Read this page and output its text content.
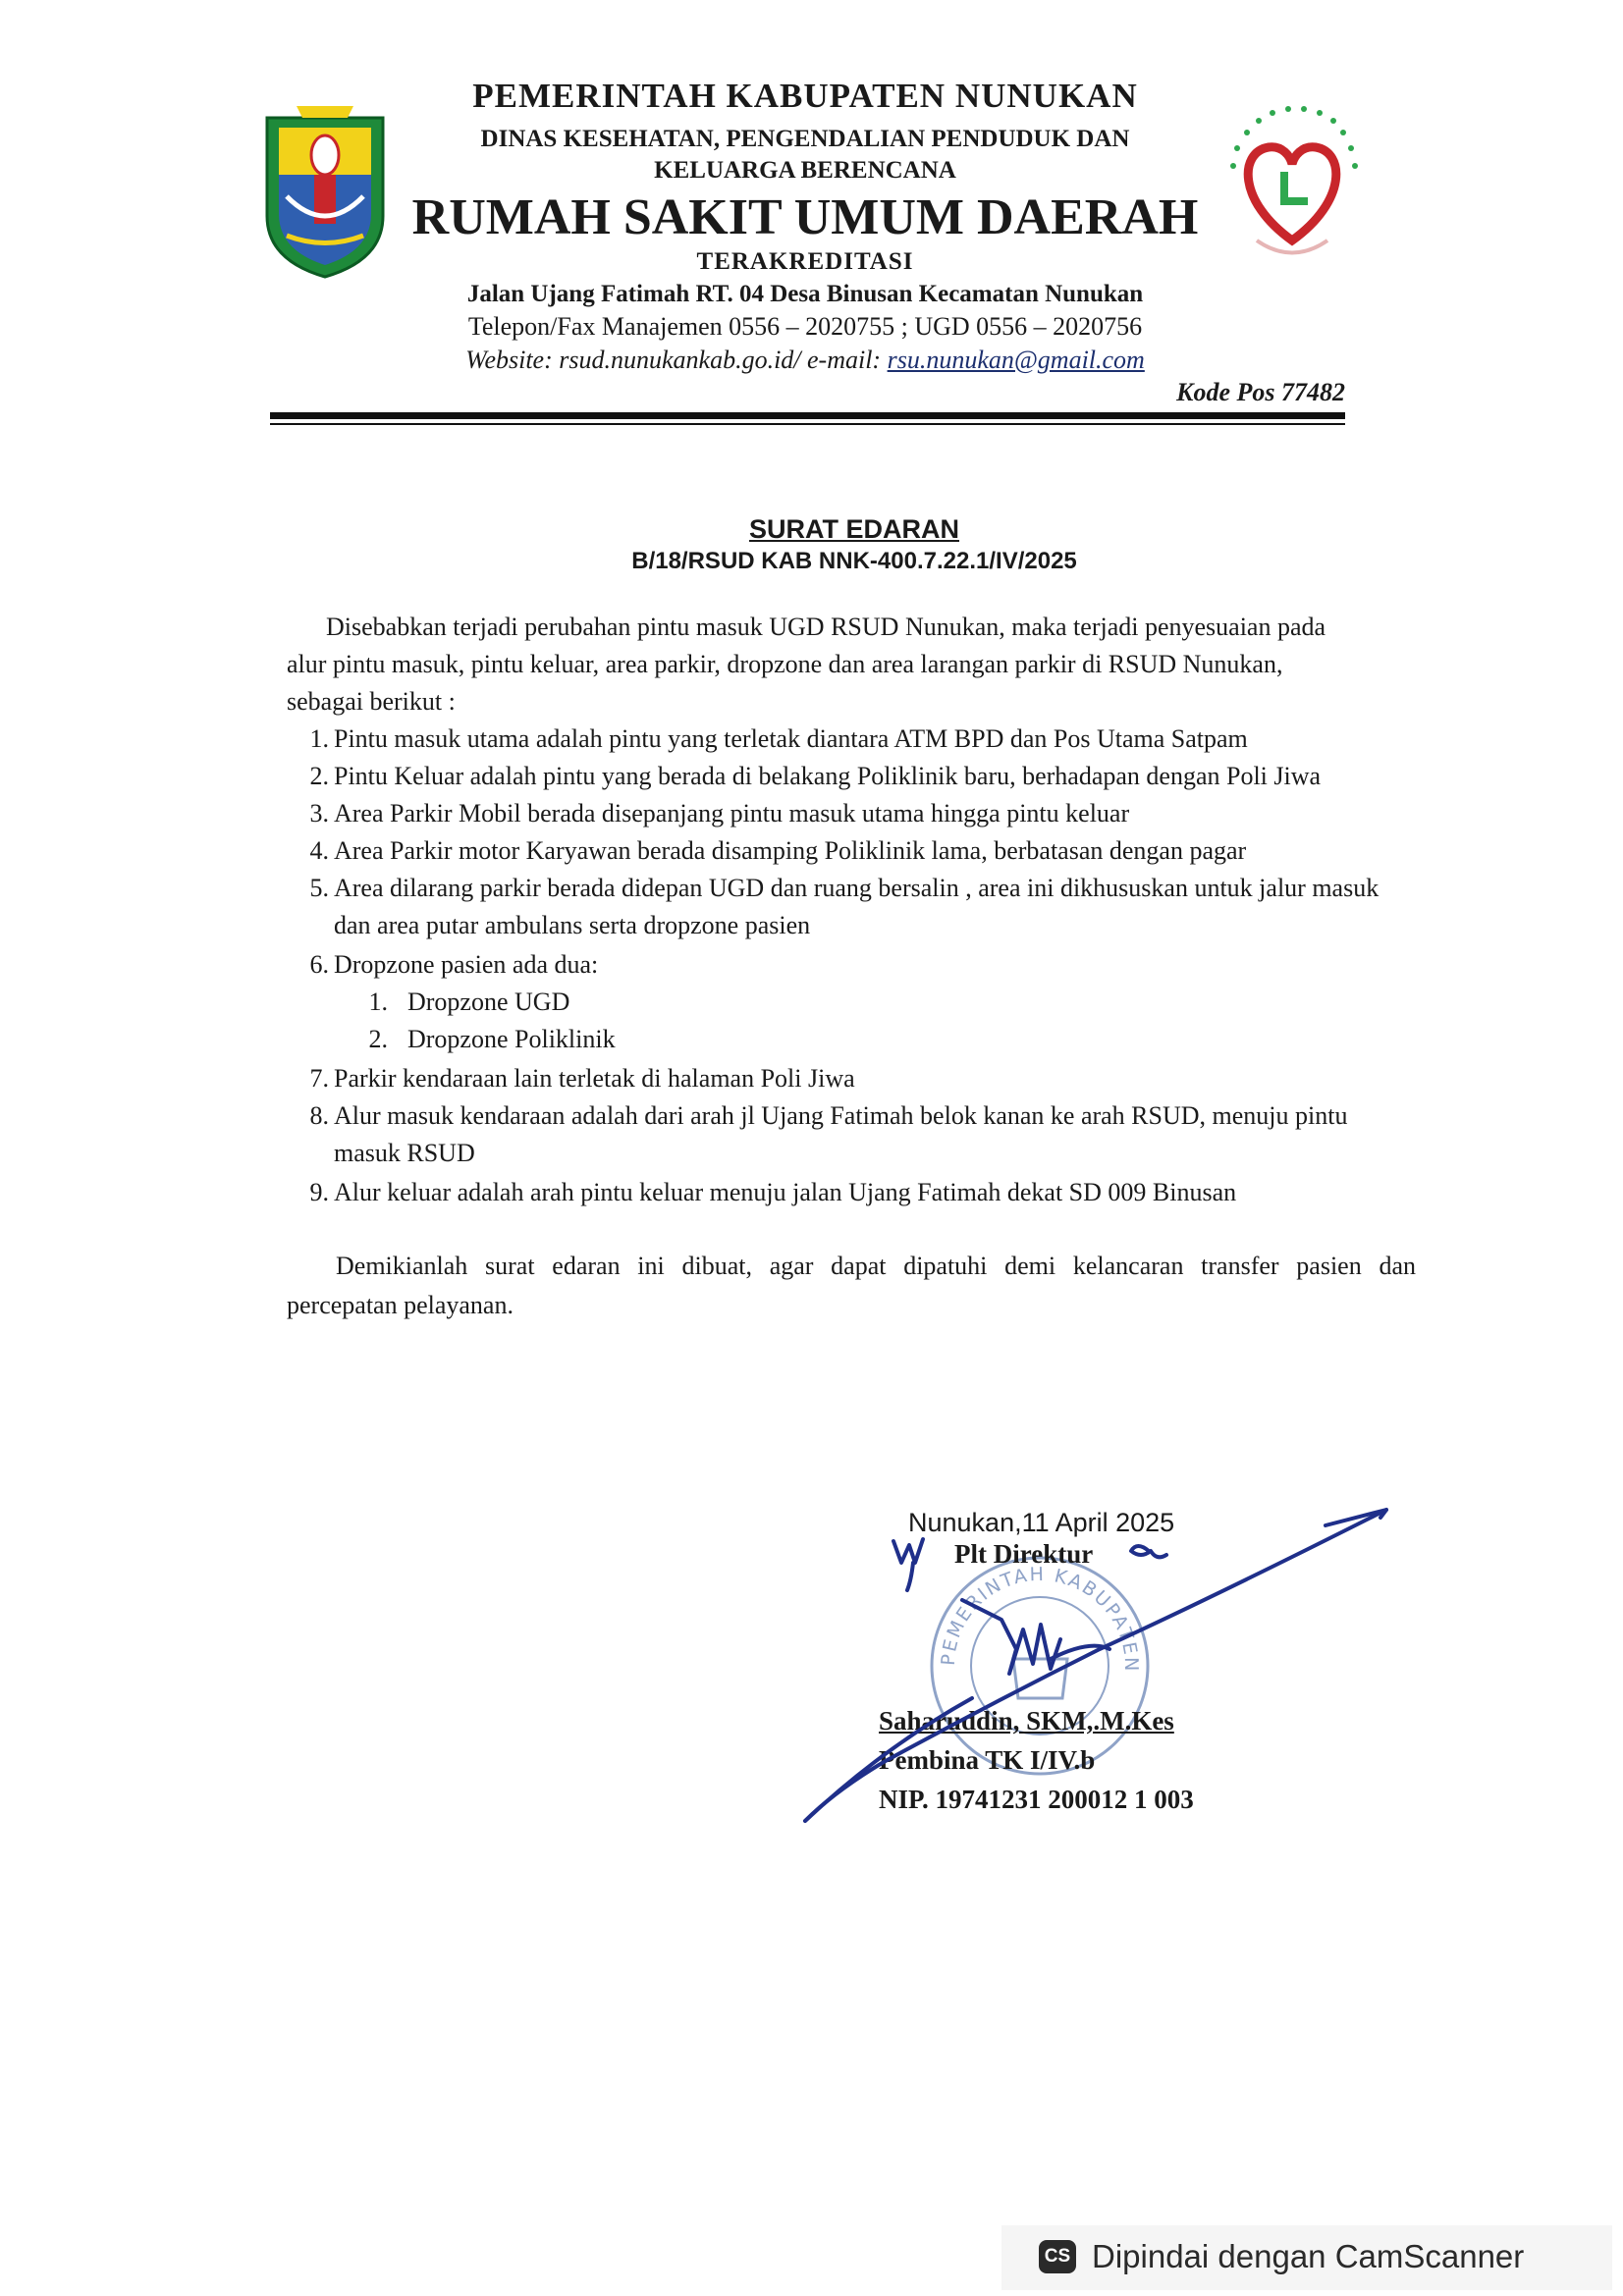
PEMERINTAH KABUPATEN NUNUKAN
DINAS KESEHATAN, PENGENDALIAN PENDUDUK DAN
KELUARGA BERENCANA
RUMAH SAKIT UMUM DAERAH
TERAKREDITASI
Jalan Ujang Fatimah RT. 04 Desa Binusan Kecamatan Nunukan
Telepon/Fax Manajemen 0556 – 2020755 ; UGD 0556 – 2020756
Website: rsud.nunukankab.go.id/ e-mail: rsu.nunukan@gmail.com
Kode Pos 77482
SURAT EDARAN
B/18/RSUD KAB NNK-400.7.22.1/IV/2025
Disebabkan terjadi perubahan pintu masuk UGD RSUD Nunukan, maka terjadi penyesuaian pada
alur pintu masuk, pintu keluar, area parkir, dropzone dan area larangan parkir di RSUD Nunukan,
sebagai berikut :
1. Pintu masuk utama adalah pintu yang terletak diantara ATM BPD dan Pos Utama Satpam
2. Pintu Keluar adalah pintu yang berada di belakang Poliklinik baru, berhadapan dengan Poli Jiwa
3. Area Parkir Mobil berada disepanjang pintu masuk utama hingga pintu keluar
4. Area Parkir motor Karyawan berada disamping Poliklinik lama, berbatasan dengan pagar
5. Area dilarang parkir berada didepan UGD dan ruang bersalin , area ini dikhususkan untuk jalur masuk
dan area putar ambulans serta dropzone pasien
6. Dropzone pasien ada dua:
1. Dropzone UGD
2. Dropzone Poliklinik
7. Parkir kendaraan lain terletak di halaman Poli Jiwa
8. Alur masuk kendaraan adalah dari arah jl Ujang Fatimah belok kanan ke arah RSUD, menuju pintu
masuk RSUD
9. Alur keluar adalah arah pintu keluar menuju jalan Ujang Fatimah dekat SD 009 Binusan
Demikianlah surat edaran ini dibuat, agar dapat dipatuhi demi kelancaran transfer pasien dan
percepatan pelayanan.
PEMERINTAH KABUPATEN
Nunukan,11 April 2025
Plt Direktur
Saharuddin, SKM,.M.Kes
Pembina TK I/IV.b
NIP. 19741231 200012 1 003
CS Dipindai dengan CamScanner
